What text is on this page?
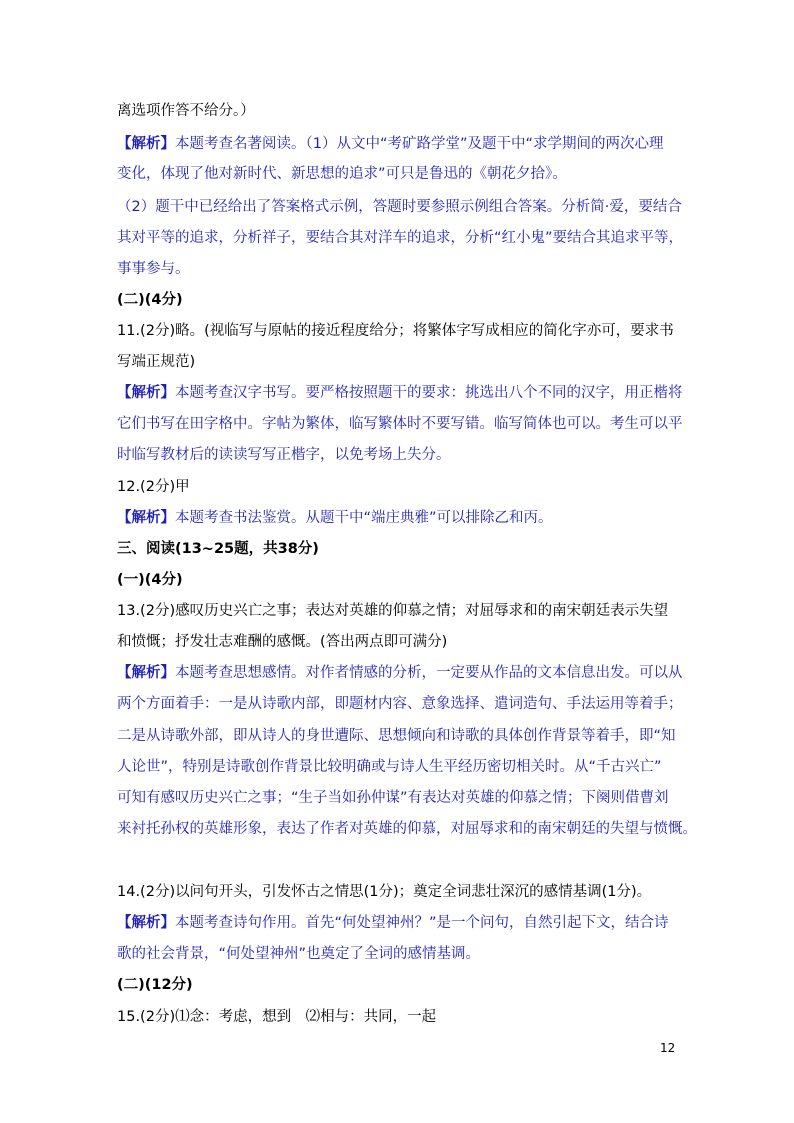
离选项作答不给分。）
【解析】本题考查名著阅读。（1）从文中“考矿路学堂”及题干中“求学期间的两次心理
变化，体现了他对新时代、新思想的追求”可只是鲁迅的《朝花夕拾》。
（2）题干中已经给出了答案格式示例，答题时要参照示例组合答案。分析简·爱，要结合
其对平等的追求，分析祥子，要结合其对洋车的追求，分析“红小鬼”要结合其追求平等，
事事参与。
(二)(4分)
11.(2分)略。(视临写与原帖的接近程度给分；将繁体字写成相应的简化字亦可，要求书
写端正规范)
【解析】本题考查汉字书写。要严格按照题干的要求：挑选出八个不同的汉字，用正楷将
它们书写在田字格中。字帖为繁体，临写繁体时不要写错。临写简体也可以。考生可以平
时临写教材后的读读写写正楷字，以免考场上失分。
12.(2分)甲
【解析】本题考查书法鉴赏。从题干中“端庄典雅”可以排除乙和丙。
三、阅读(13~25题，共38分)
(一)(4分)
13.(2分)感叹历史兴亡之事；表达对英雄的仰慕之情；对屈辱求和的南宋朝廷表示失望
和愤慨；抒发壮志难酬的感慨。(答出两点即可满分)
【解析】本题考查思想感情。对作者情感的分析，一定要从作品的文本信息出发。可以从
两个方面着手：一是从诗歌内部，即题材内容、意象选择、遣词造句、手法运用等着手；
二是从诗歌外部，即从诗人的身世遭际、思想倾向和诗歌的具体创作背景等着手，即“知
人论世”，特别是诗歌创作背景比较明确或与诗人生平经历密切相关时。从“千古兴亡”
可知有感叹历史兴亡之事；“生子当如孙仲谋”有表达对英雄的仰慕之情；下阕则借曹刘
来衬托孙权的英雄形象，表达了作者对英雄的仰慕，对屈辱求和的南宋朝廷的失望与愤慨。
14.(2分)以问句开头，引发怀古之情思(1分)；奠定全词悲壮深沉的感情基调(1分)。
【解析】本题考查诗句作用。首先“何处望神州？”是一个问句，自然引起下文，结合诗
歌的社会背景，“何处望神州”也奠定了全词的感情基调。
(二)(12分)
15.(2分)⑴念：考虑，想到　⑵相与：共同，一起
12
